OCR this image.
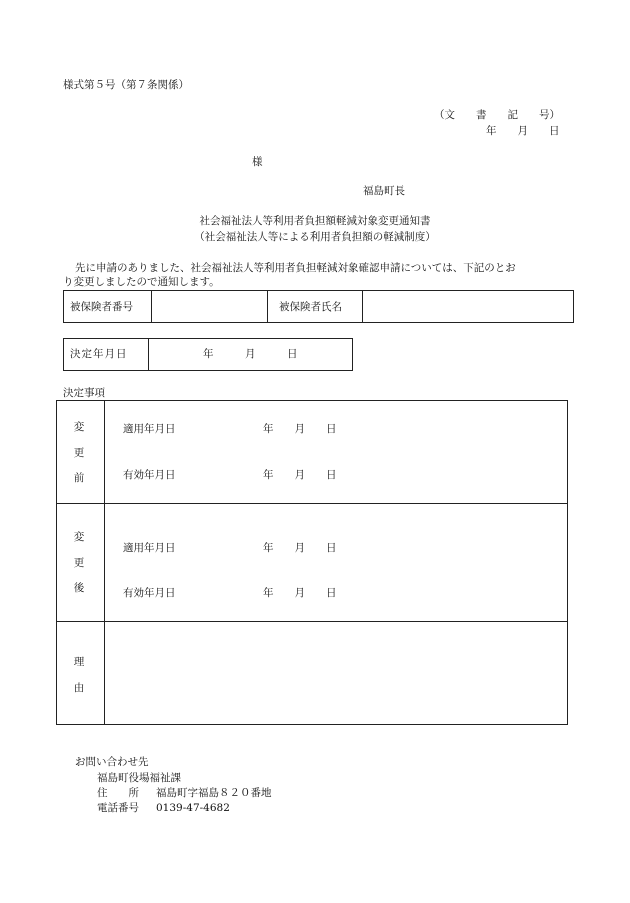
様式第５号（第７条関係）
（文　　書　　記　　号）
年　　月　　日
様
福島町長
社会福祉法人等利用者負担額軽減対象変更通知書
（社会福祉法人等による利用者負担額の軽減制度）
先に申請のありました、社会福祉法人等利用者負担軽減対象確認申請については、下記のとお
り変更しましたので通知します。
被保険者番号	被保険者氏名
決定年月日	年　　　月　　　日
決定事項
変
更
前
適用年月日	年　　月　　日
有効年月日	年　　月　　日
変
更
後
適用年月日	年　　月　　日
有効年月日	年　　月　　日
理
由
お問い合わせ先
福島町役場福祉課
住　　所 福島町字福島８２０番地
電話番号 0139-47-4682
